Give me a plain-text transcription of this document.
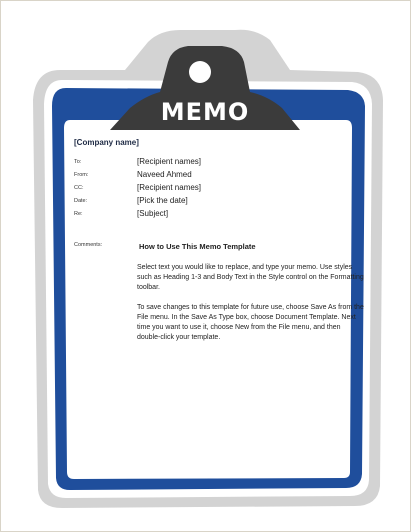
MEMO
[Company name]
To:	[Recipient names]
From:	Naveed Ahmed
CC:	[Recipient names]
Date:	[Pick the date]
Re:	[Subject]
Comments:	How to Use This Memo Template

Select text you would like to replace, and type your memo. Use styles such as Heading 1-3 and Body Text in the Style control on the Formatting toolbar.

To save changes to this template for future use, choose Save As from the File menu. In the Save As Type box, choose Document Template. Next time you want to use it, choose New from the File menu, and then double-click your template.
